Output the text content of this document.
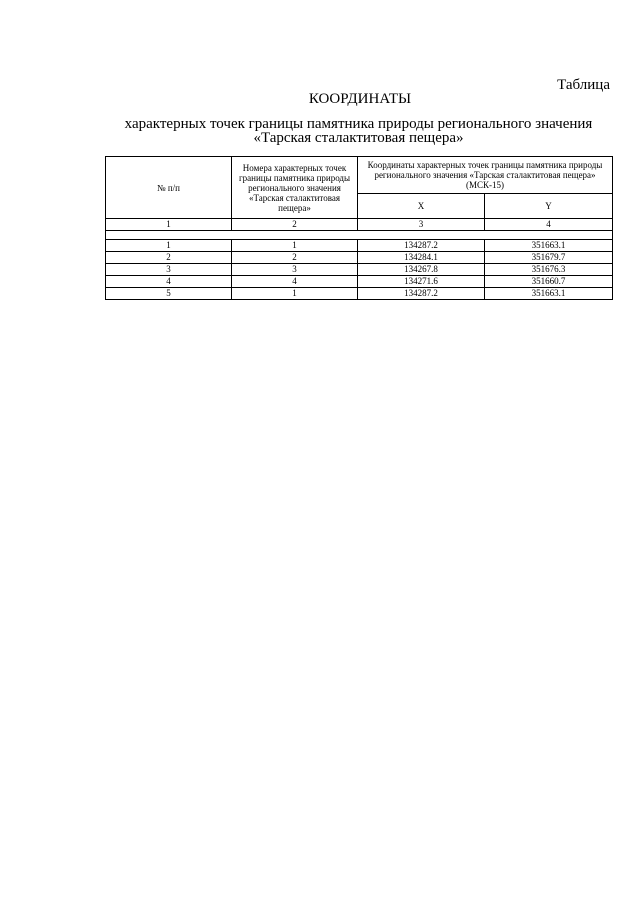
Таблица
КООРДИНАТЫ
характерных точек границы памятника природы регионального значения
«Тарская сталактитовая пещера»
№ п/п	Номера характерных точек границы памятника природы регионального значения «Тарская сталактитовая пещера»	Координаты характерных точек границы памятника природы регионального значения «Тарская сталактитовая пещера» (МСК-15)	
		X	Y
1	2	3	4

1	1	134287.2	351663.1
2	2	134284.1	351679.7
3	3	134267.8	351676.3
4	4	134271.6	351660.7
5	1	134287.2	351663.1
